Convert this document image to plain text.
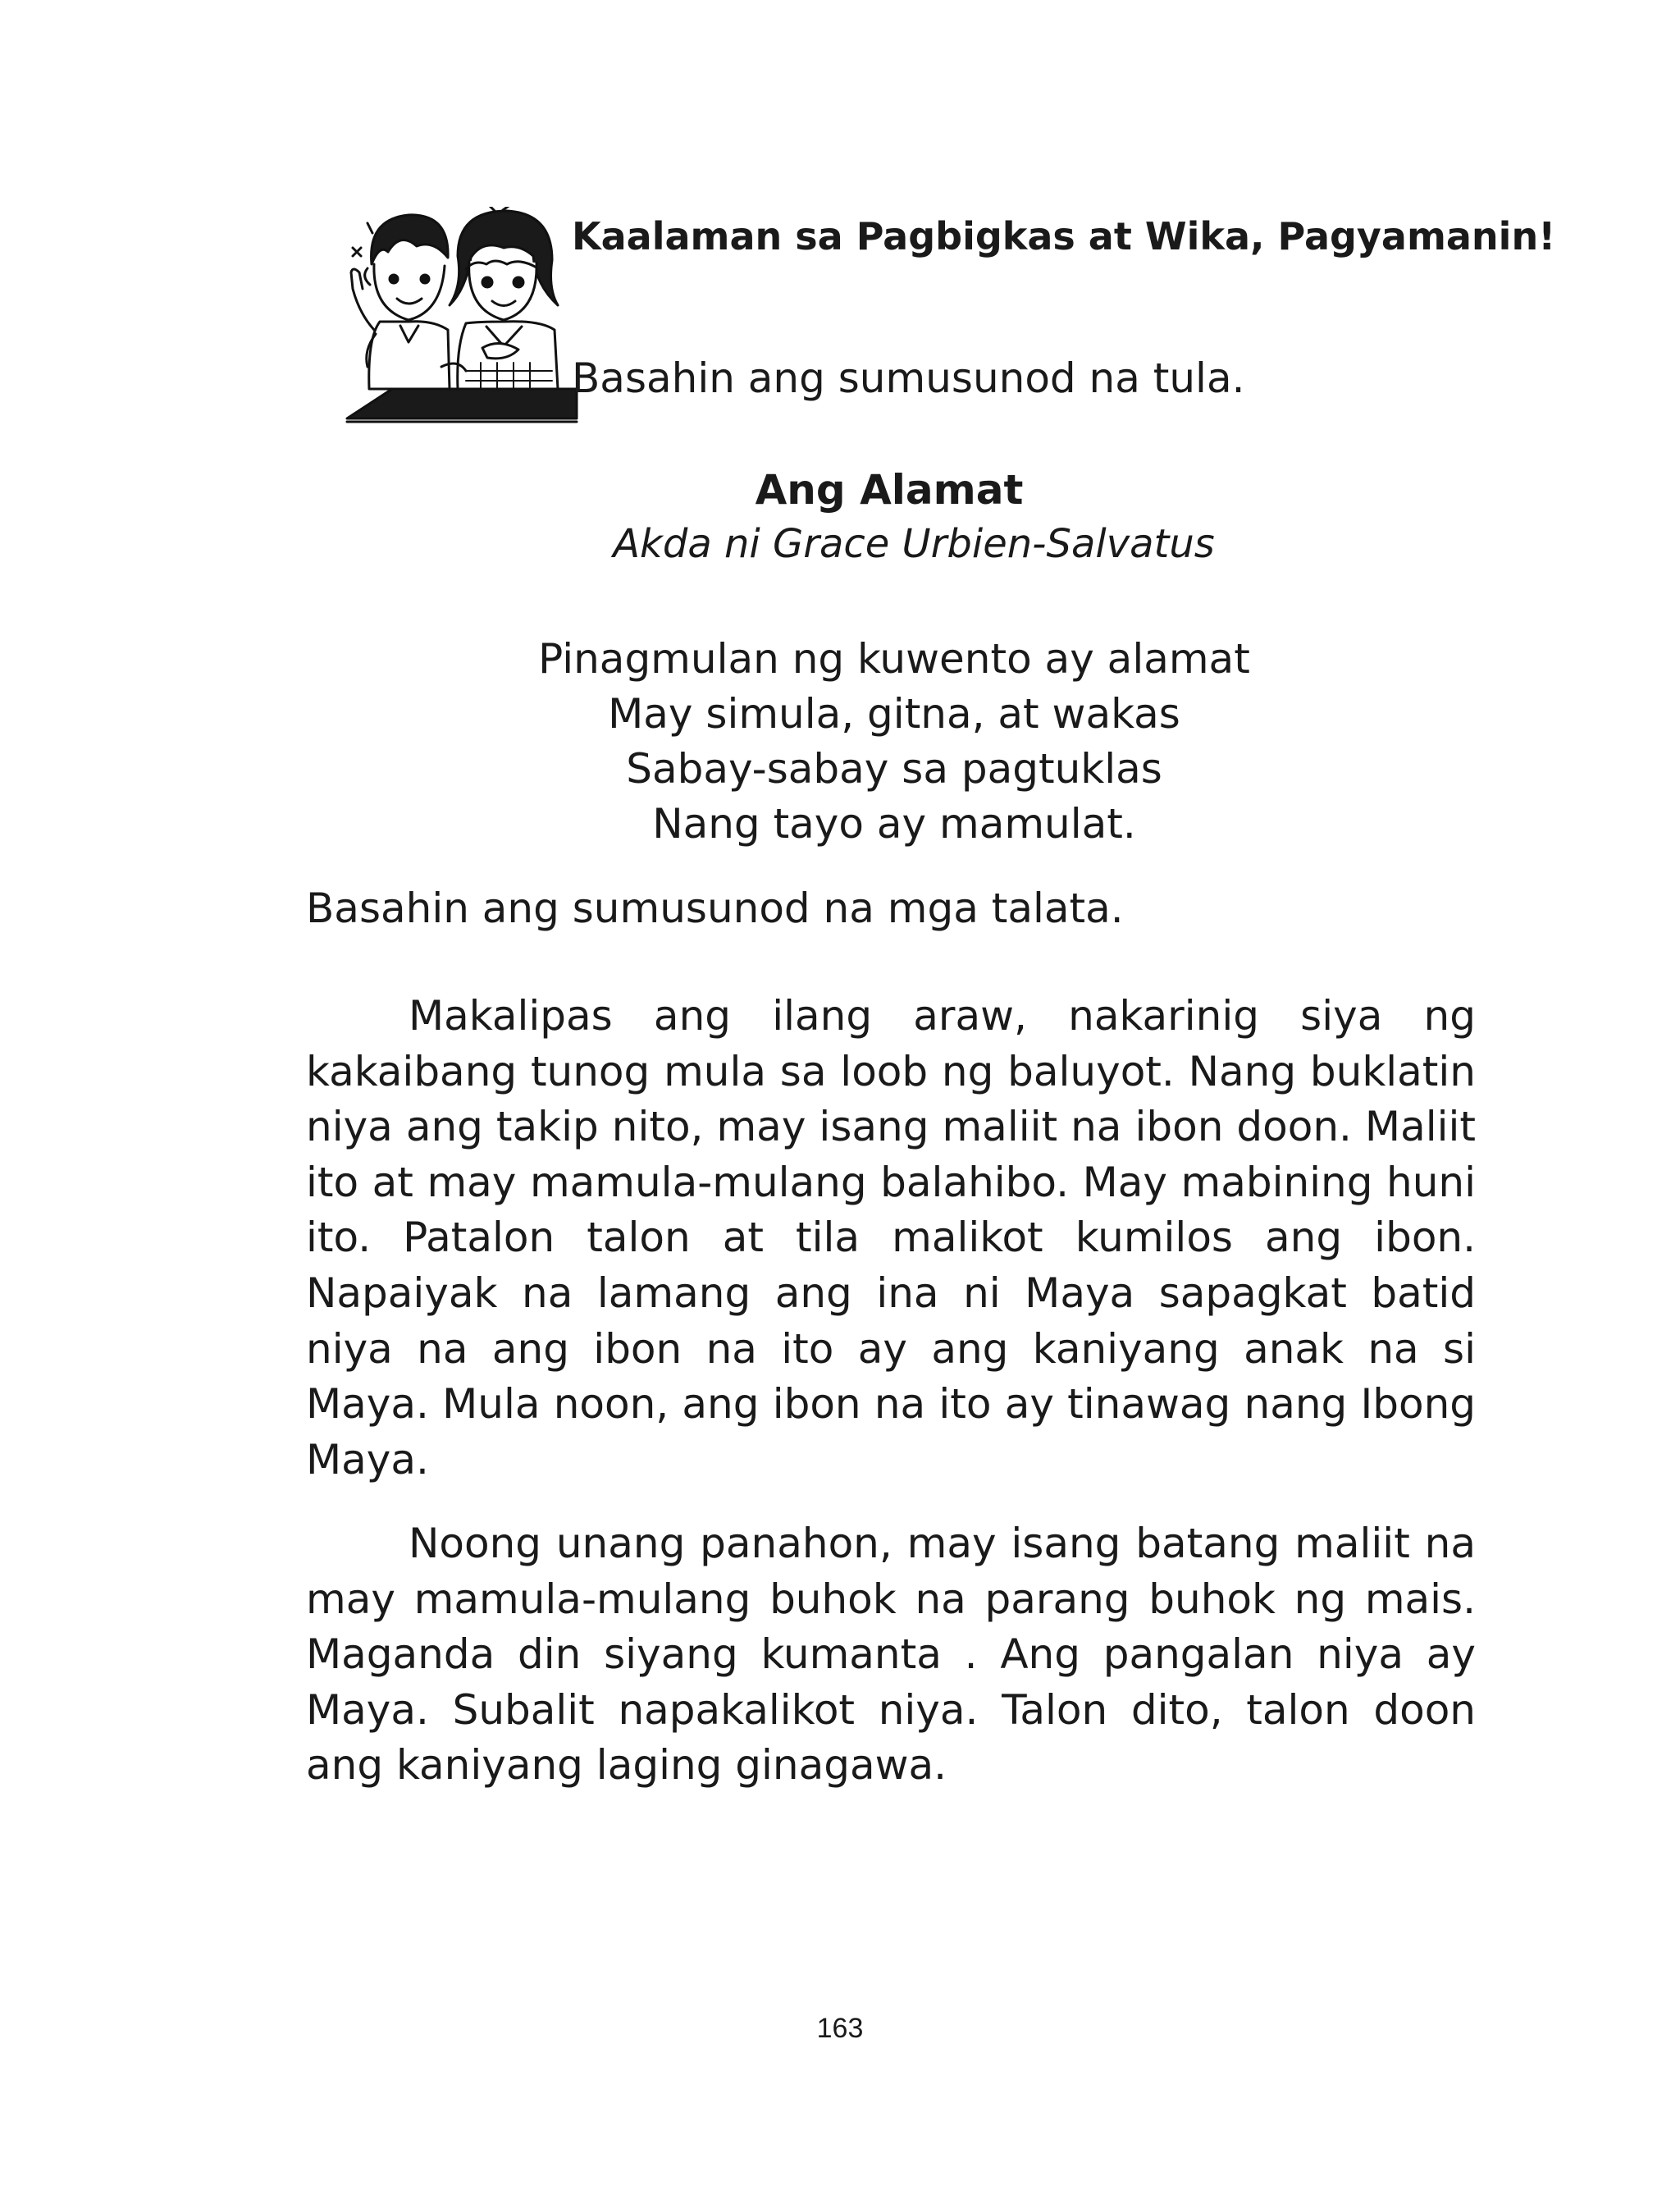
Kaalaman sa Pagbigkas at Wika, Pagyamanin!

Basahin ang sumusunod na tula.

Ang Alamat

Akda ni Grace Urbien-Salvatus

Pinagmulan ng kuwento ay alamat
May simula, gitna, at wakas
Sabay-sabay sa pagtuklas
Nang tayo ay mamulat.

Basahin ang sumusunod na mga talata.

Makalipas ang ilang araw, nakarinig siya ng kakaibang tunog mula sa loob ng baluyot. Nang buklatin niya ang takip nito, may isang maliit na ibon doon. Maliit ito at may mamula-mulang balahibo. May mabining huni ito. Patalon talon at tila malikot kumilos ang ibon. Napaiyak na lamang ang ina ni Maya sapagkat batid niya na ang ibon na ito ay ang kaniyang anak na si Maya. Mula noon, ang ibon na ito ay tinawag nang Ibong Maya.

Noong unang panahon, may isang batang maliit na may mamula-mulang buhok na parang buhok ng mais. Maganda din siyang kumanta . Ang pangalan niya ay Maya. Subalit napakalikot niya. Talon dito, talon doon ang kaniyang laging ginagawa.

163
